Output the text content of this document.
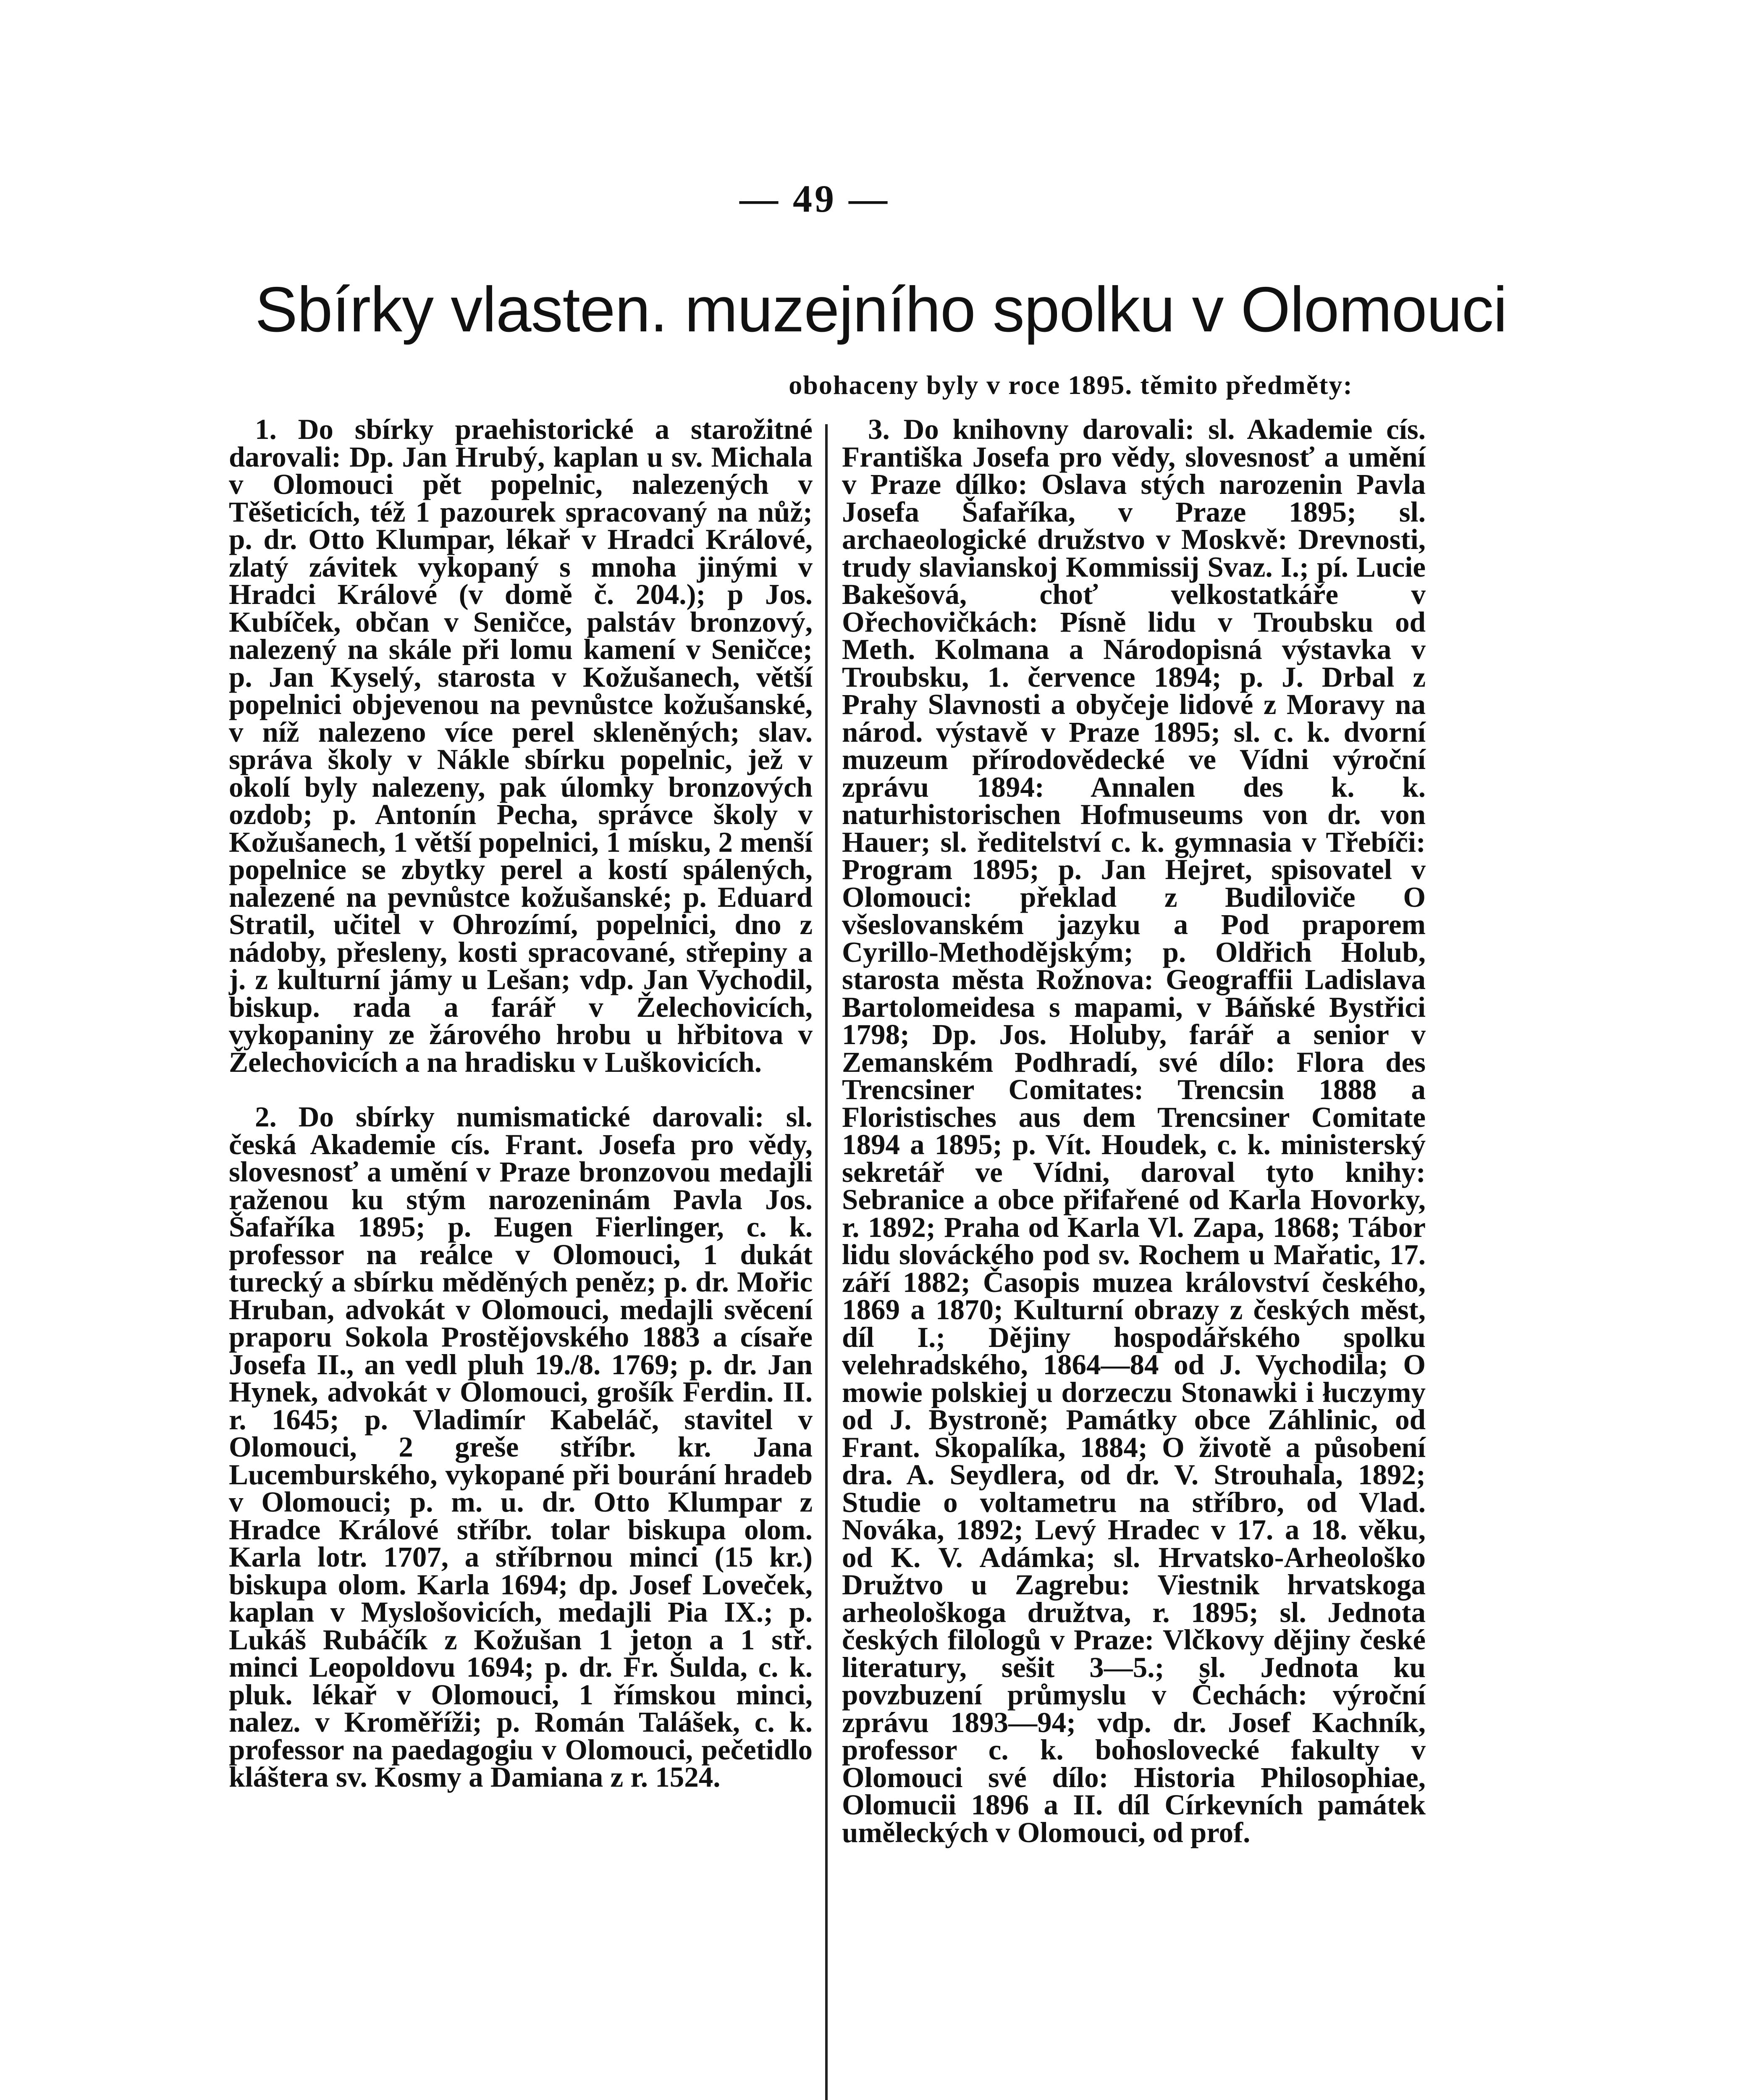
— 49 —
Sbírky vlasten. muzejního spolku v Olomouci
obohaceny byly v roce 1895. těmito předměty:

1. Do sbírky praehistorické a starožitné darovali: Dp. Jan Hrubý, kaplan u sv. Michala v Olomouci pět popelnic, nalezených v Těšeticích, též 1 pazourek spracovaný na nůž; p. dr. Otto Klumpar, lékař v Hradci Králové, zlatý závitek vykopaný s mnoha jinými v Hradci Králové (v domě č. 204.); p Jos. Kubíček, občan v Seničce, palstáv bronzový, nalezený na skále při lomu kamení v Seničce; p. Jan Kyselý, starosta v Kožušanech, větší popelnici objevenou na pevnůstce kožušanské, v níž nalezeno více perel skleněných; slav. správa školy v Nákle sbírku popelnic, jež v okolí byly nalezeny, pak úlomky bronzových ozdob; p. Antonín Pecha, správce školy v Kožušanech, 1 větší popelnici, 1 mísku, 2 menší popelnice se zbytky perel a kostí spálených, nalezené na pevnůstce kožušanské; p. Eduard Stratil, učitel v Ohrozímí, popelnici, dno z nádoby, přesleny, kosti spracované, střepiny a j. z kulturní jámy u Lešan; vdp. Jan Vychodil, biskup. rada a farář v Želechovicích, vykopaniny ze žárového hrobu u hřbitova v Želechovicích a na hradisku v Luškovicích.

2. Do sbírky numismatické darovali: sl. česká Akademie cís. Frant. Josefa pro vědy, slovesnosť a umění v Praze bronzovou medajli raženou ku stým narozeninám Pavla Jos. Šafaříka 1895; p. Eugen Fierlinger, c. k. professor na reálce v Olomouci, 1 dukát turecký a sbírku měděných peněz; p. dr. Mořic Hruban, advokát v Olomouci, medajli svěcení praporu Sokola Prostějovského 1883 a císaře Josefa II., an vedl pluh 19./8. 1769; p. dr. Jan Hynek, advokát v Olomouci, grošík Ferdin. II. r. 1645; p. Vladimír Kabeláč, stavitel v Olomouci, 2 greše stříbr. kr. Jana Lucemburského, vykopané při bourání hradeb v Olomouci; p. m. u. dr. Otto Klumpar z Hradce Králové stříbr. tolar biskupa olom. Karla lotr. 1707, a stříbrnou minci (15 kr.) biskupa olom. Karla 1694; dp. Josef Loveček, kaplan v Myslošovicích, medajli Pia IX.; p. Lukáš Rubáčík z Kožušan 1 jeton a 1 stř. minci Leopoldovu 1694; p. dr. Fr. Šulda, c. k. pluk. lékař v Olomouci, 1 římskou minci, nalez. v Kroměříži; p. Román Talášek, c. k. professor na paedagogiu v Olomouci, pečetidlo kláštera sv. Kosmy a Damiana z r. 1524.

3. Do knihovny darovali: sl. Akademie cís. Františka Josefa pro vědy, slovesnosť a umění v Praze dílko: Oslava stých narozenin Pavla Josefa Šafaříka, v Praze 1895; sl. archaeologické družstvo v Moskvě: Drevnosti, trudy slavianskoj Kommissij Svaz. I.; pí. Lucie Bakešová, choť velkostatkáře v Ořechovičkách: Písně lidu v Troubsku od Meth. Kolmana a Národopisná výstavka v Troubsku, 1. července 1894; p. J. Drbal z Prahy Slavnosti a obyčeje lidové z Moravy na národ. výstavě v Praze 1895; sl. c. k. dvorní muzeum přírodovědecké ve Vídni výroční zprávu 1894: Annalen des k. k. naturhistorischen Hofmuseums von dr. von Hauer; sl. ředitelství c. k. gymnasia v Třebíči: Program 1895; p. Jan Hejret, spisovatel v Olomouci: překlad z Budiloviče O všeslovanském jazyku a Pod praporem Cyrillo-Methodějským; p. Oldřich Holub, starosta města Rožnova: Geograffii Ladislava Bartolomeidesa s mapami, v Báňské Bystřici 1798; Dp. Jos. Holuby, farář a senior v Zemanském Podhradí, své dílo: Flora des Trencsiner Comitates: Trencsin 1888 a Floristisches aus dem Trencsiner Comitate 1894 a 1895; p. Vít. Houdek, c. k. ministerský sekretář ve Vídni, daroval tyto knihy: Sebranice a obce přifařené od Karla Hovorky, r. 1892; Praha od Karla Vl. Zapa, 1868; Tábor lidu slováckého pod sv. Rochem u Mařatic, 17. září 1882; Časopis muzea království českého, 1869 a 1870; Kulturní obrazy z českých měst, díl I.; Dějiny hospodářského spolku velehradského, 1864—84 od J. Vychodila; O mowie polskiej u dorzeczu Stonawki i łuczymy od J. Bystroně; Památky obce Záhlinic, od Frant. Skopalíka, 1884; O životě a působení dra. A. Seydlera, od dr. V. Strouhala, 1892; Studie o voltametru na stříbro, od Vlad. Nováka, 1892; Levý Hradec v 17. a 18. věku, od K. V. Adámka; sl. Hrvatsko-Arheološko Družtvo u Zagrebu: Viestnik hrvatskoga arheološkoga družtva, r. 1895; sl. Jednota českých filologů v Praze: Vlčkovy dějiny české literatury, sešit 3—5.; sl. Jednota ku povzbuzení průmyslu v Čechách: výroční zprávu 1893—94; vdp. dr. Josef Kachník, professor c. k. bohoslovecké fakulty v Olomouci své dílo: Historia Philosophiae, Olomucii 1896 a II. díl Církevních památek uměleckých v Olomouci, od prof.
